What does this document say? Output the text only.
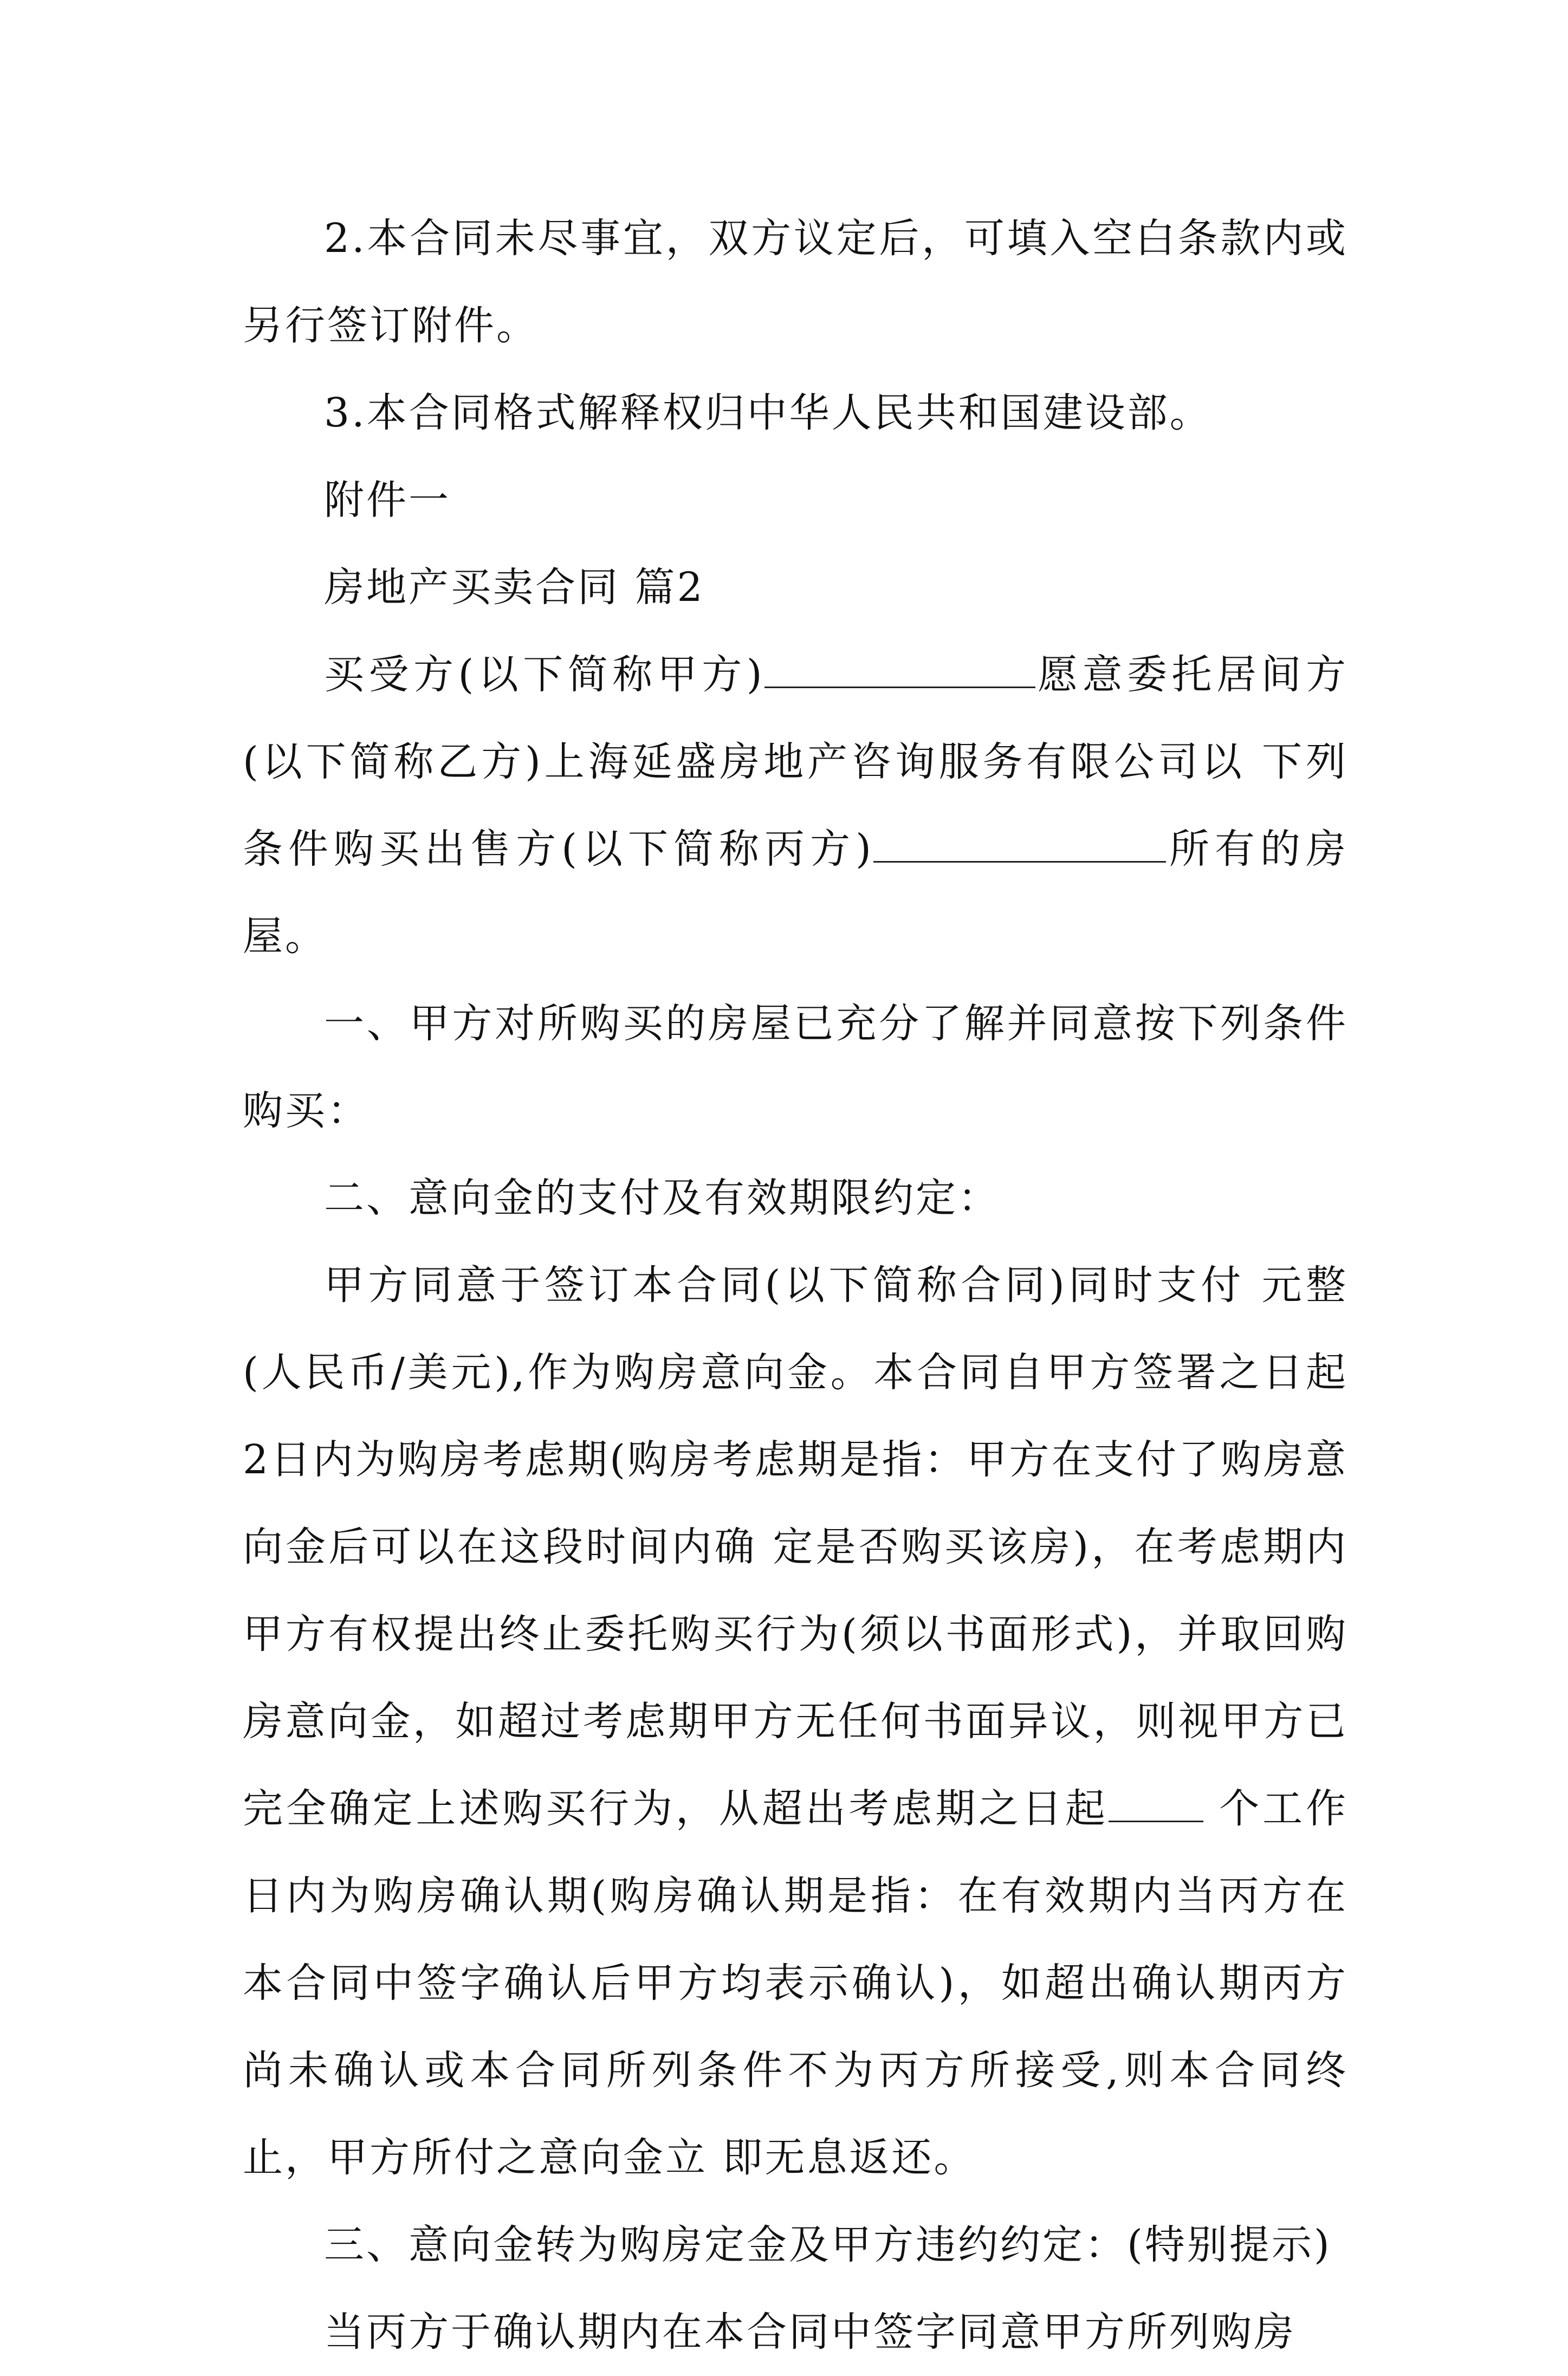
2.本合同未尽事宜，双方议定后，可填入空白条款内或另行签订附件。

3.本合同格式解释权归中华人民共和国建设部。

附件一

房地产买卖合同 篇2

买受方(以下简称甲方)	愿意委托居间方(以下简称乙方)上海延盛房地产咨询服务有限公司以 下列条件购买出售方(以下简称丙方)	所有的房屋。

一、甲方对所购买的房屋已充分了解并同意按下列条件购买：

二、意向金的支付及有效期限约定：

甲方同意于签订本合同(以下简称合同)同时支付 元整(人民币/美元),作为购房意向金。本合同自甲方签署之日起2日内为购房考虑期(购房考虑期是指：甲方在支付了购房意向金后可以在这段时间内确 定是否购买该房)，在考虑期内甲方有权提出终止委托购买行为(须以书面形式)，并取回购房意向金，如超过考虑期甲方无任何书面异议，则视甲方已完全确定上述购买行为，从超出考虑期之日起 个工作日内为购房确认期(购房确认期是指：在有效期内当丙方在本合同中签字确认后甲方均表示确认)，如超出确认期丙方尚未确认或本合同所列条件不为丙方所接受,则本合同终止，甲方所付之意向金立 即无息返还。

三、意向金转为购房定金及甲方违约约定：(特别提示)

当丙方于确认期内在本合同中签字同意甲方所列购房
